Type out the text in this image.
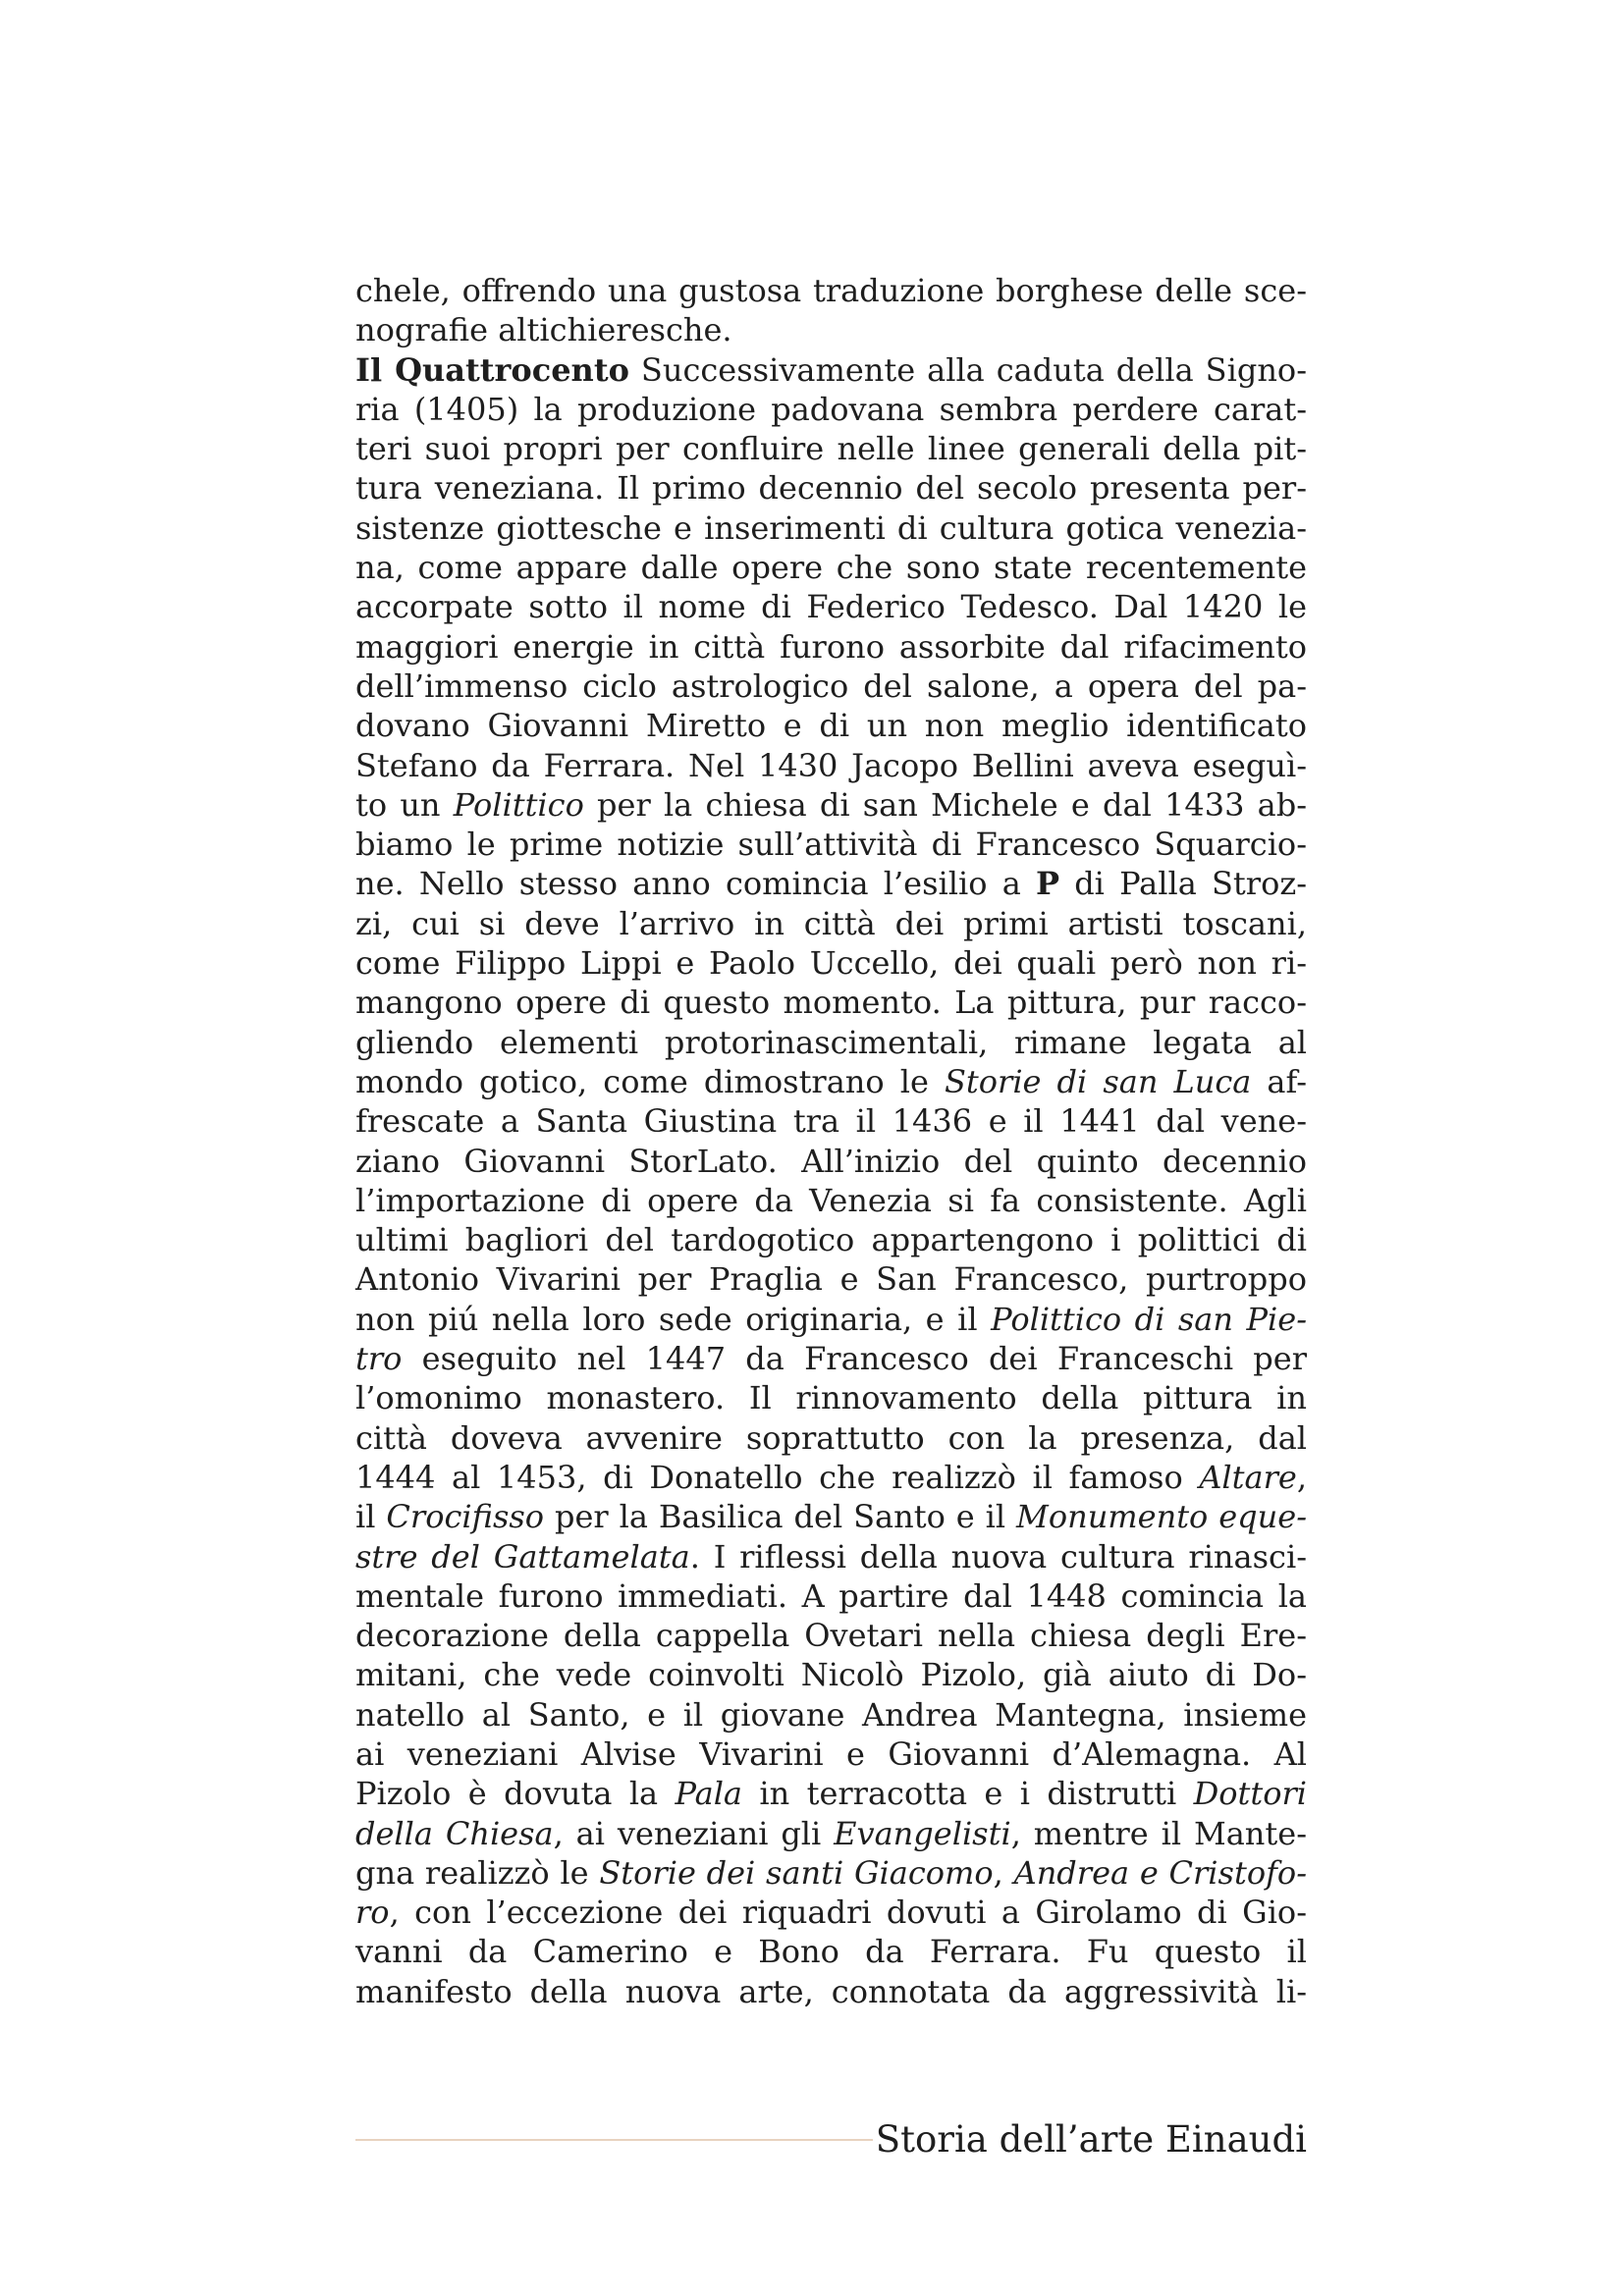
chele, offrendo una gustosa traduzione borghese delle sce-
nografie altichieresche.
Il Quattrocento Successivamente alla caduta della Signo-
ria (1405) la produzione padovana sembra perdere carat-
teri suoi propri per confluire nelle linee generali della pit-
tura veneziana. Il primo decennio del secolo presenta per-
sistenze giottesche e inserimenti di cultura gotica venezia-
na, come appare dalle opere che sono state recentemente
accorpate sotto il nome di Federico Tedesco. Dal 1420 le
maggiori energie in città furono assorbite dal rifacimento
dell’immenso ciclo astrologico del salone, a opera del pa-
dovano Giovanni Miretto e di un non meglio identificato
Stefano da Ferrara. Nel 1430 Jacopo Bellini aveva eseguì-
to un Polittico per la chiesa di san Michele e dal 1433 ab-
biamo le prime notizie sull’attività di Francesco Squarcio-
ne. Nello stesso anno comincia l’esilio a P di Palla Stroz-
zi, cui si deve l’arrivo in città dei primi artisti toscani,
come Filippo Lippi e Paolo Uccello, dei quali però non ri-
mangono opere di questo momento. La pittura, pur racco-
gliendo elementi protorinascimentali, rimane legata al
mondo gotico, come dimostrano le Storie di san Luca af-
frescate a Santa Giustina tra il 1436 e il 1441 dal vene-
ziano Giovanni StorLato. All’inizio del quinto decennio
l’importazione di opere da Venezia si fa consistente. Agli
ultimi bagliori del tardogotico appartengono i polittici di
Antonio Vivarini per Praglia e San Francesco, purtroppo
non piú nella loro sede originaria, e il Polittico di san Pie-
tro eseguito nel 1447 da Francesco dei Franceschi per
l’omonimo monastero. Il rinnovamento della pittura in
città doveva avvenire soprattutto con la presenza, dal
1444 al 1453, di Donatello che realizzò il famoso Altare,
il Crocifisso per la Basilica del Santo e il Monumento eque-
stre del Gattamelata. I riflessi della nuova cultura rinasci-
mentale furono immediati. A partire dal 1448 comincia la
decorazione della cappella Ovetari nella chiesa degli Ere-
mitani, che vede coinvolti Nicolò Pizolo, già aiuto di Do-
natello al Santo, e il giovane Andrea Mantegna, insieme
ai veneziani Alvise Vivarini e Giovanni d’Alemagna. Al
Pizolo è dovuta la Pala in terracotta e i distrutti Dottori
della Chiesa, ai veneziani gli Evangelisti, mentre il Mante-
gna realizzò le Storie dei santi Giacomo, Andrea e Cristofo-
ro, con l’eccezione dei riquadri dovuti a Girolamo di Gio-
vanni da Camerino e Bono da Ferrara. Fu questo il
manifesto della nuova arte, connotata da aggressività li-
Storia dell’arte Einaudi
